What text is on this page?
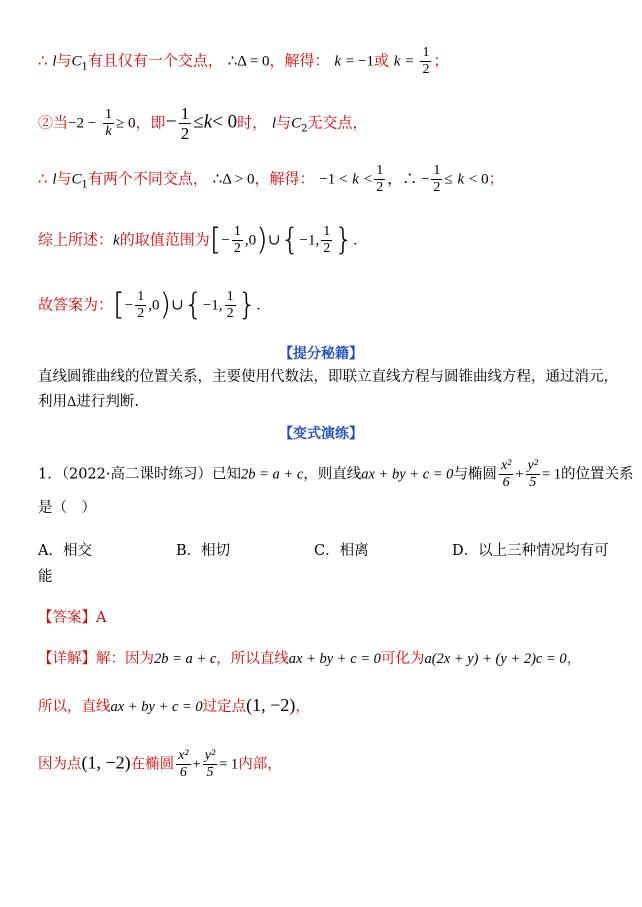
∴ l与$C_1$有且仅有一个交点， ∴Δ = 0，解得： k = −1或 $k = \frac{1}{2}$ ；
②当$-2 - \frac{1}{k} \ge 0$，即− $\frac{1}{2} \le k< 0$时， l与$C_2$无交点，
∴ l与$C_1$有两个不同交点， ∴Δ > 0，解得： $-1 < k < \frac{1}{2}$ ，∴ − $\frac{1}{2} \le k < 0$；
综上所述：k的取值范围为[− $\frac{1}{2}$ ,0)∪{−1, $\frac{1}{2}$ }.
故答案为：[− $\frac{1}{2}$ ,0)∪{−1, $\frac{1}{2}$ }.
【提分秘籍】
直线圆锥曲线的位置关系，主要使用代数法，即联立直线方程与圆锥曲线方程，通过消元，
利用Δ进行判断.
【变式演练】
1．（2022·高二课时练习）已知2b = a + c，则直线ax + by + c = 0与椭圆 $\frac{\text{x²}}{6} + \frac{\text{y²}}{5} = 1$的位置关系
是（　）
A．相交	B．相切	C．相离	D．以上三种情况均有可
能
【答案】A
【详解】解：因为2b = a + c，所以直线ax + by + c = 0可化为a(2x + y) + (y + 2)c = 0，
所以，直线ax + by + c = 0过定点(1, −2)，
因为点(1, −2)在椭圆 $\frac{\text{x²}}{6} + \frac{\text{y²}}{5} = 1$内部，
